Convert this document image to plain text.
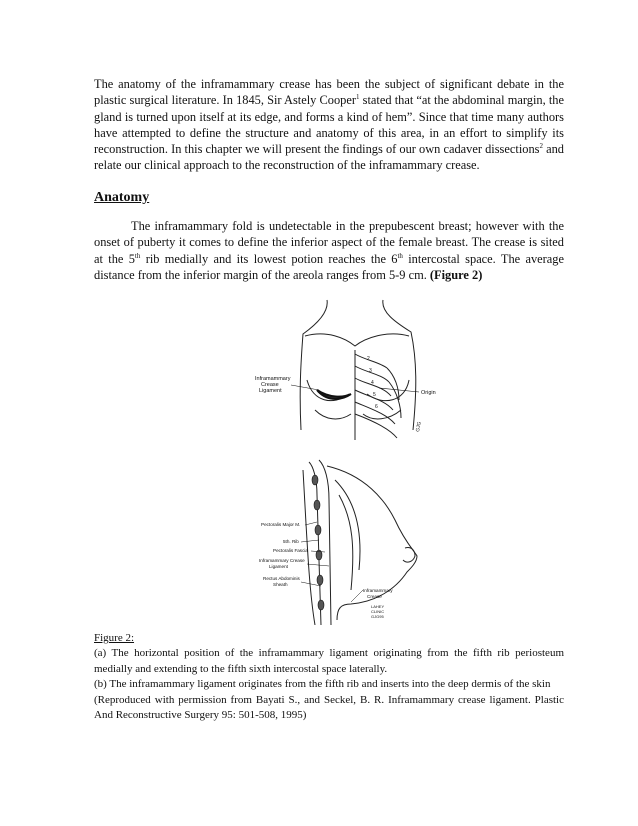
The anatomy of the inframammary crease has been the subject of significant debate in the plastic surgical literature. In 1845, Sir Astely Cooper$^1$ stated that “at the abdominal margin, the gland is turned upon itself at its edge, and forms a kind of hem”. Since that time many authors have attempted to define the structure and anatomy of this area, in an effort to simplify its reconstruction. In this chapter we will present the findings of our own cadaver dissections$^2$ and relate our clinical approach to the reconstruction of the inframammary crease.
Anatomy
The inframammary fold is undetectable in the prepubescent breast; however with the onset of puberty it comes to define the inferior aspect of the female breast. The crease is sited at the 5th rib medially and its lowest potion reaches the 6th intercostal space. The average distance from the inferior margin of the areola ranges from 5-9 cm. (Figure 2)
2
3
4
5
6
Inframammary
Crease
Ligament	Origin
GJG
Pectoralis Major M.
5th. Rib
Pectoralis Fascia
Inframammary Crease
Ligament
Rectus Abdominis
Sheath
Inframammary
Crease
LAHEY
CLINIC
GJG95
Figure 2:
(a) The horizontal position of the inframammary ligament originating from the fifth rib periosteum medially and extending to the fifth sixth intercostal space laterally.
(b) The inframammary ligament originates from the fifth rib and inserts into the deep dermis of the skin
(Reproduced with permission from Bayati S., and Seckel, B. R. Inframammary crease ligament. Plastic And Reconstructive Surgery 95: 501-508, 1995)
